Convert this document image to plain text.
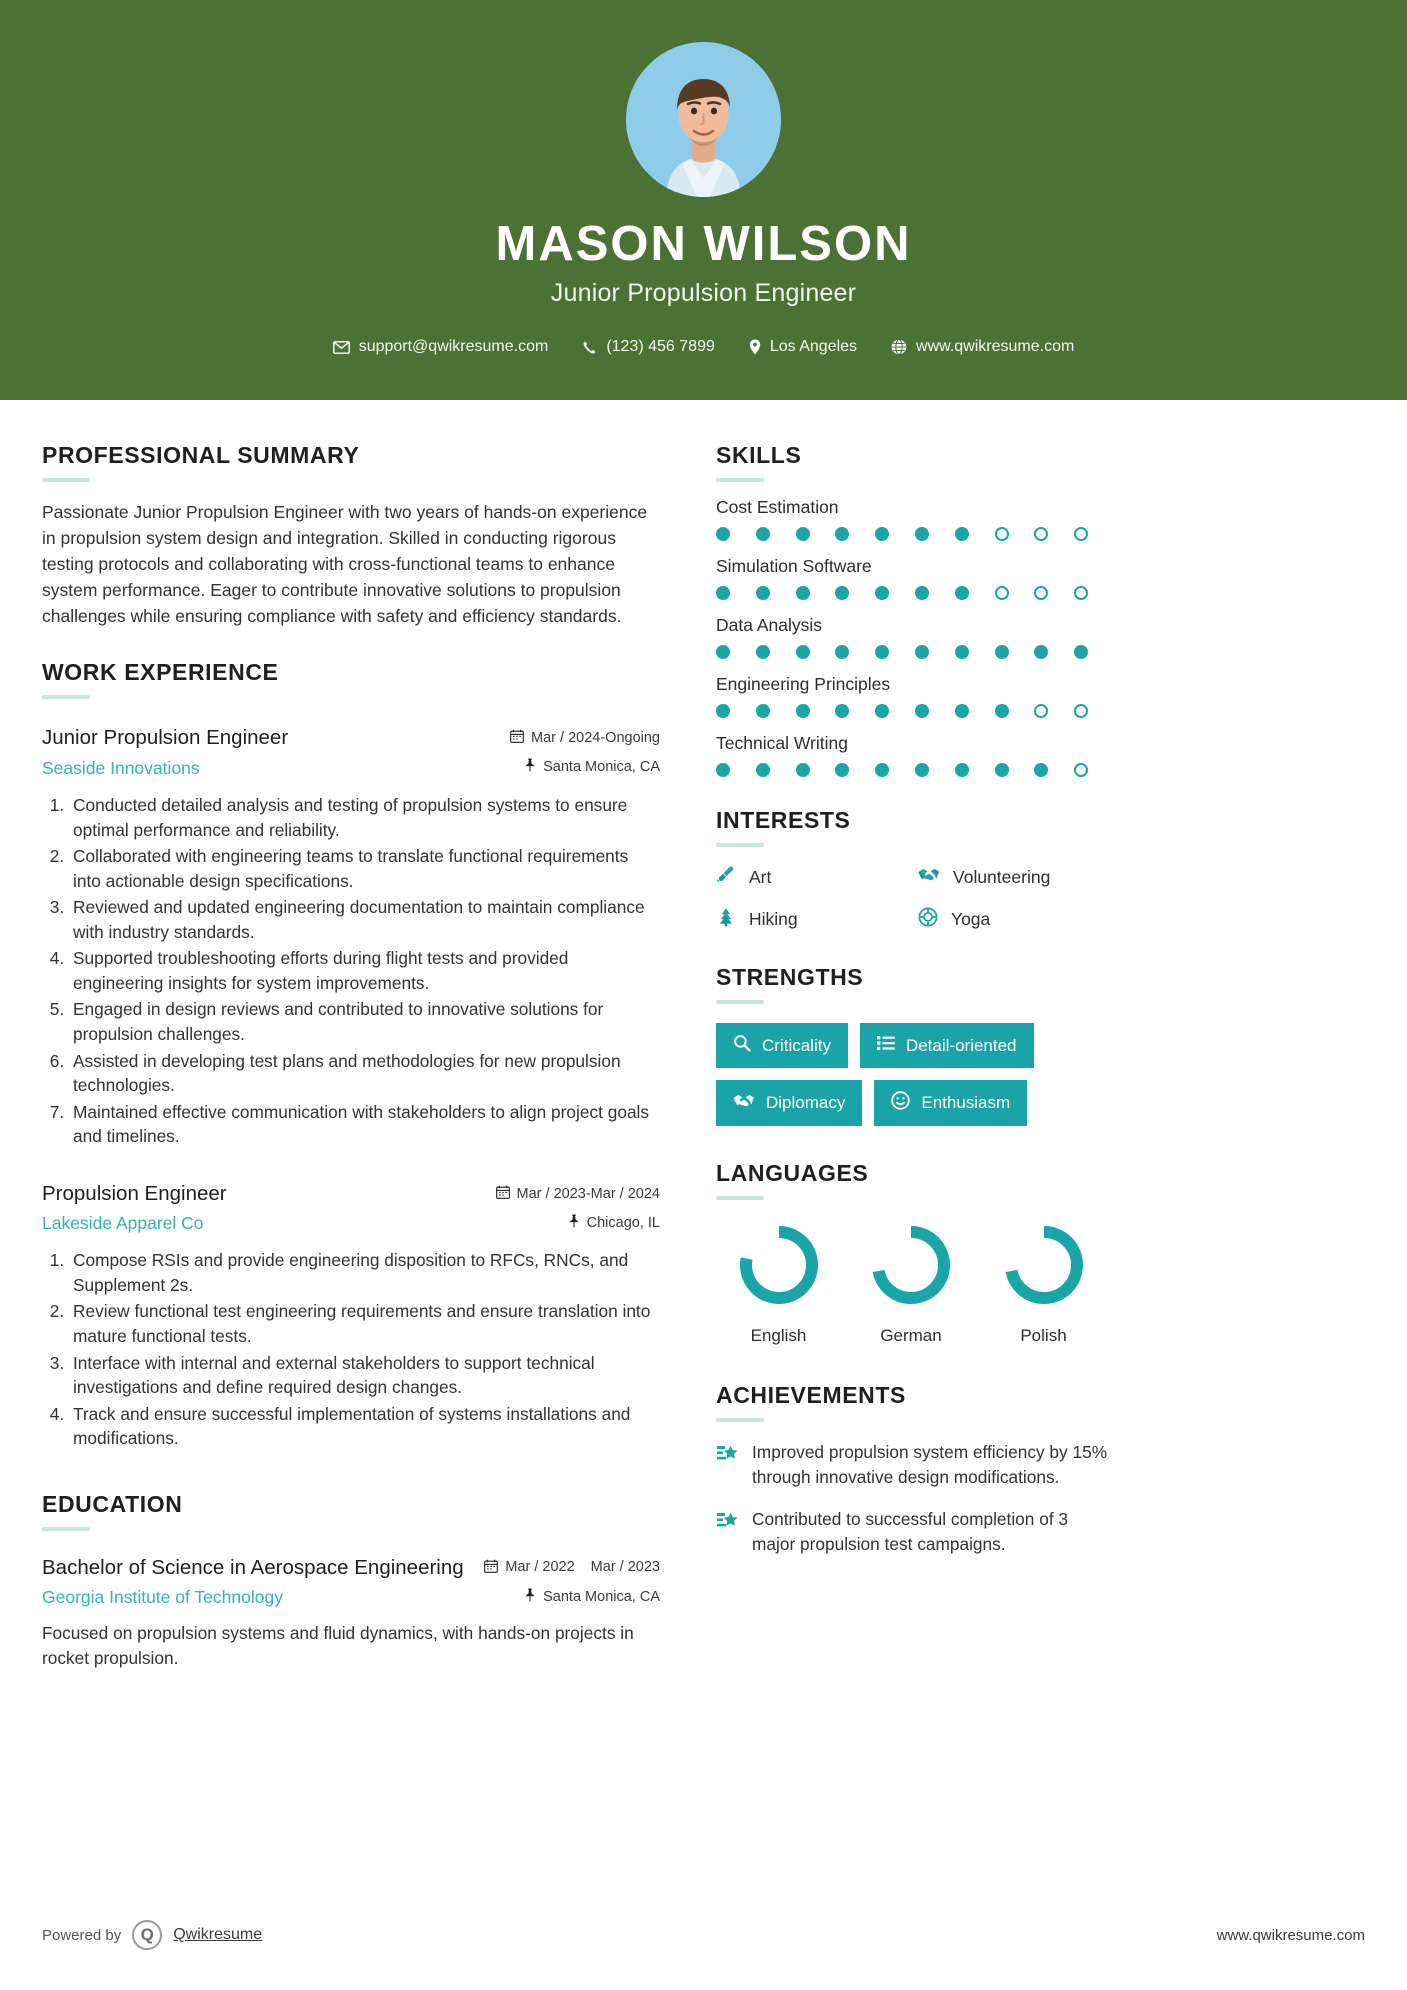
MASON WILSON
Junior Propulsion Engineer
support@qwikresume.com	(123) 456 7899	Los Angeles	www.qwikresume.com
PROFESSIONAL SUMMARY
Passionate Junior Propulsion Engineer with two years of hands-on experience in propulsion system design and integration. Skilled in conducting rigorous testing protocols and collaborating with cross-functional teams to enhance system performance. Eager to contribute innovative solutions to propulsion challenges while ensuring compliance with safety and efficiency standards.
WORK EXPERIENCE
Junior Propulsion Engineer
Seaside Innovations
Mar / 2024-Ongoing
Santa Monica, CA
1. Conducted detailed analysis and testing of propulsion systems to ensure optimal performance and reliability.
2. Collaborated with engineering teams to translate functional requirements into actionable design specifications.
3. Reviewed and updated engineering documentation to maintain compliance with industry standards.
4. Supported troubleshooting efforts during flight tests and provided engineering insights for system improvements.
5. Engaged in design reviews and contributed to innovative solutions for propulsion challenges.
6. Assisted in developing test plans and methodologies for new propulsion technologies.
7. Maintained effective communication with stakeholders to align project goals and timelines.
Propulsion Engineer
Lakeside Apparel Co
Mar / 2023-Mar / 2024
Chicago, IL
1. Compose RSIs and provide engineering disposition to RFCs, RNCs, and Supplement 2s.
2. Review functional test engineering requirements and ensure translation into mature functional tests.
3. Interface with internal and external stakeholders to support technical investigations and define required design changes.
4. Track and ensure successful implementation of systems installations and modifications.
EDUCATION
Bachelor of Science in Aerospace Engineering
Georgia Institute of Technology
Mar / 2022 Mar / 2023
Santa Monica, CA
Focused on propulsion systems and fluid dynamics, with hands-on projects in rocket propulsion.
SKILLS
Cost Estimation
Simulation Software
Data Analysis
Engineering Principles
Technical Writing
INTERESTS
Art	Volunteering
Hiking	Yoga
STRENGTHS
Criticality	Detail-oriented
Diplomacy	Enthusiasm
LANGUAGES
English	German	Polish
ACHIEVEMENTS
Improved propulsion system efficiency by 15% through innovative design modifications.
Contributed to successful completion of 3 major propulsion test campaigns.
Powered by	Q	Qwikresume	www.qwikresume.com
